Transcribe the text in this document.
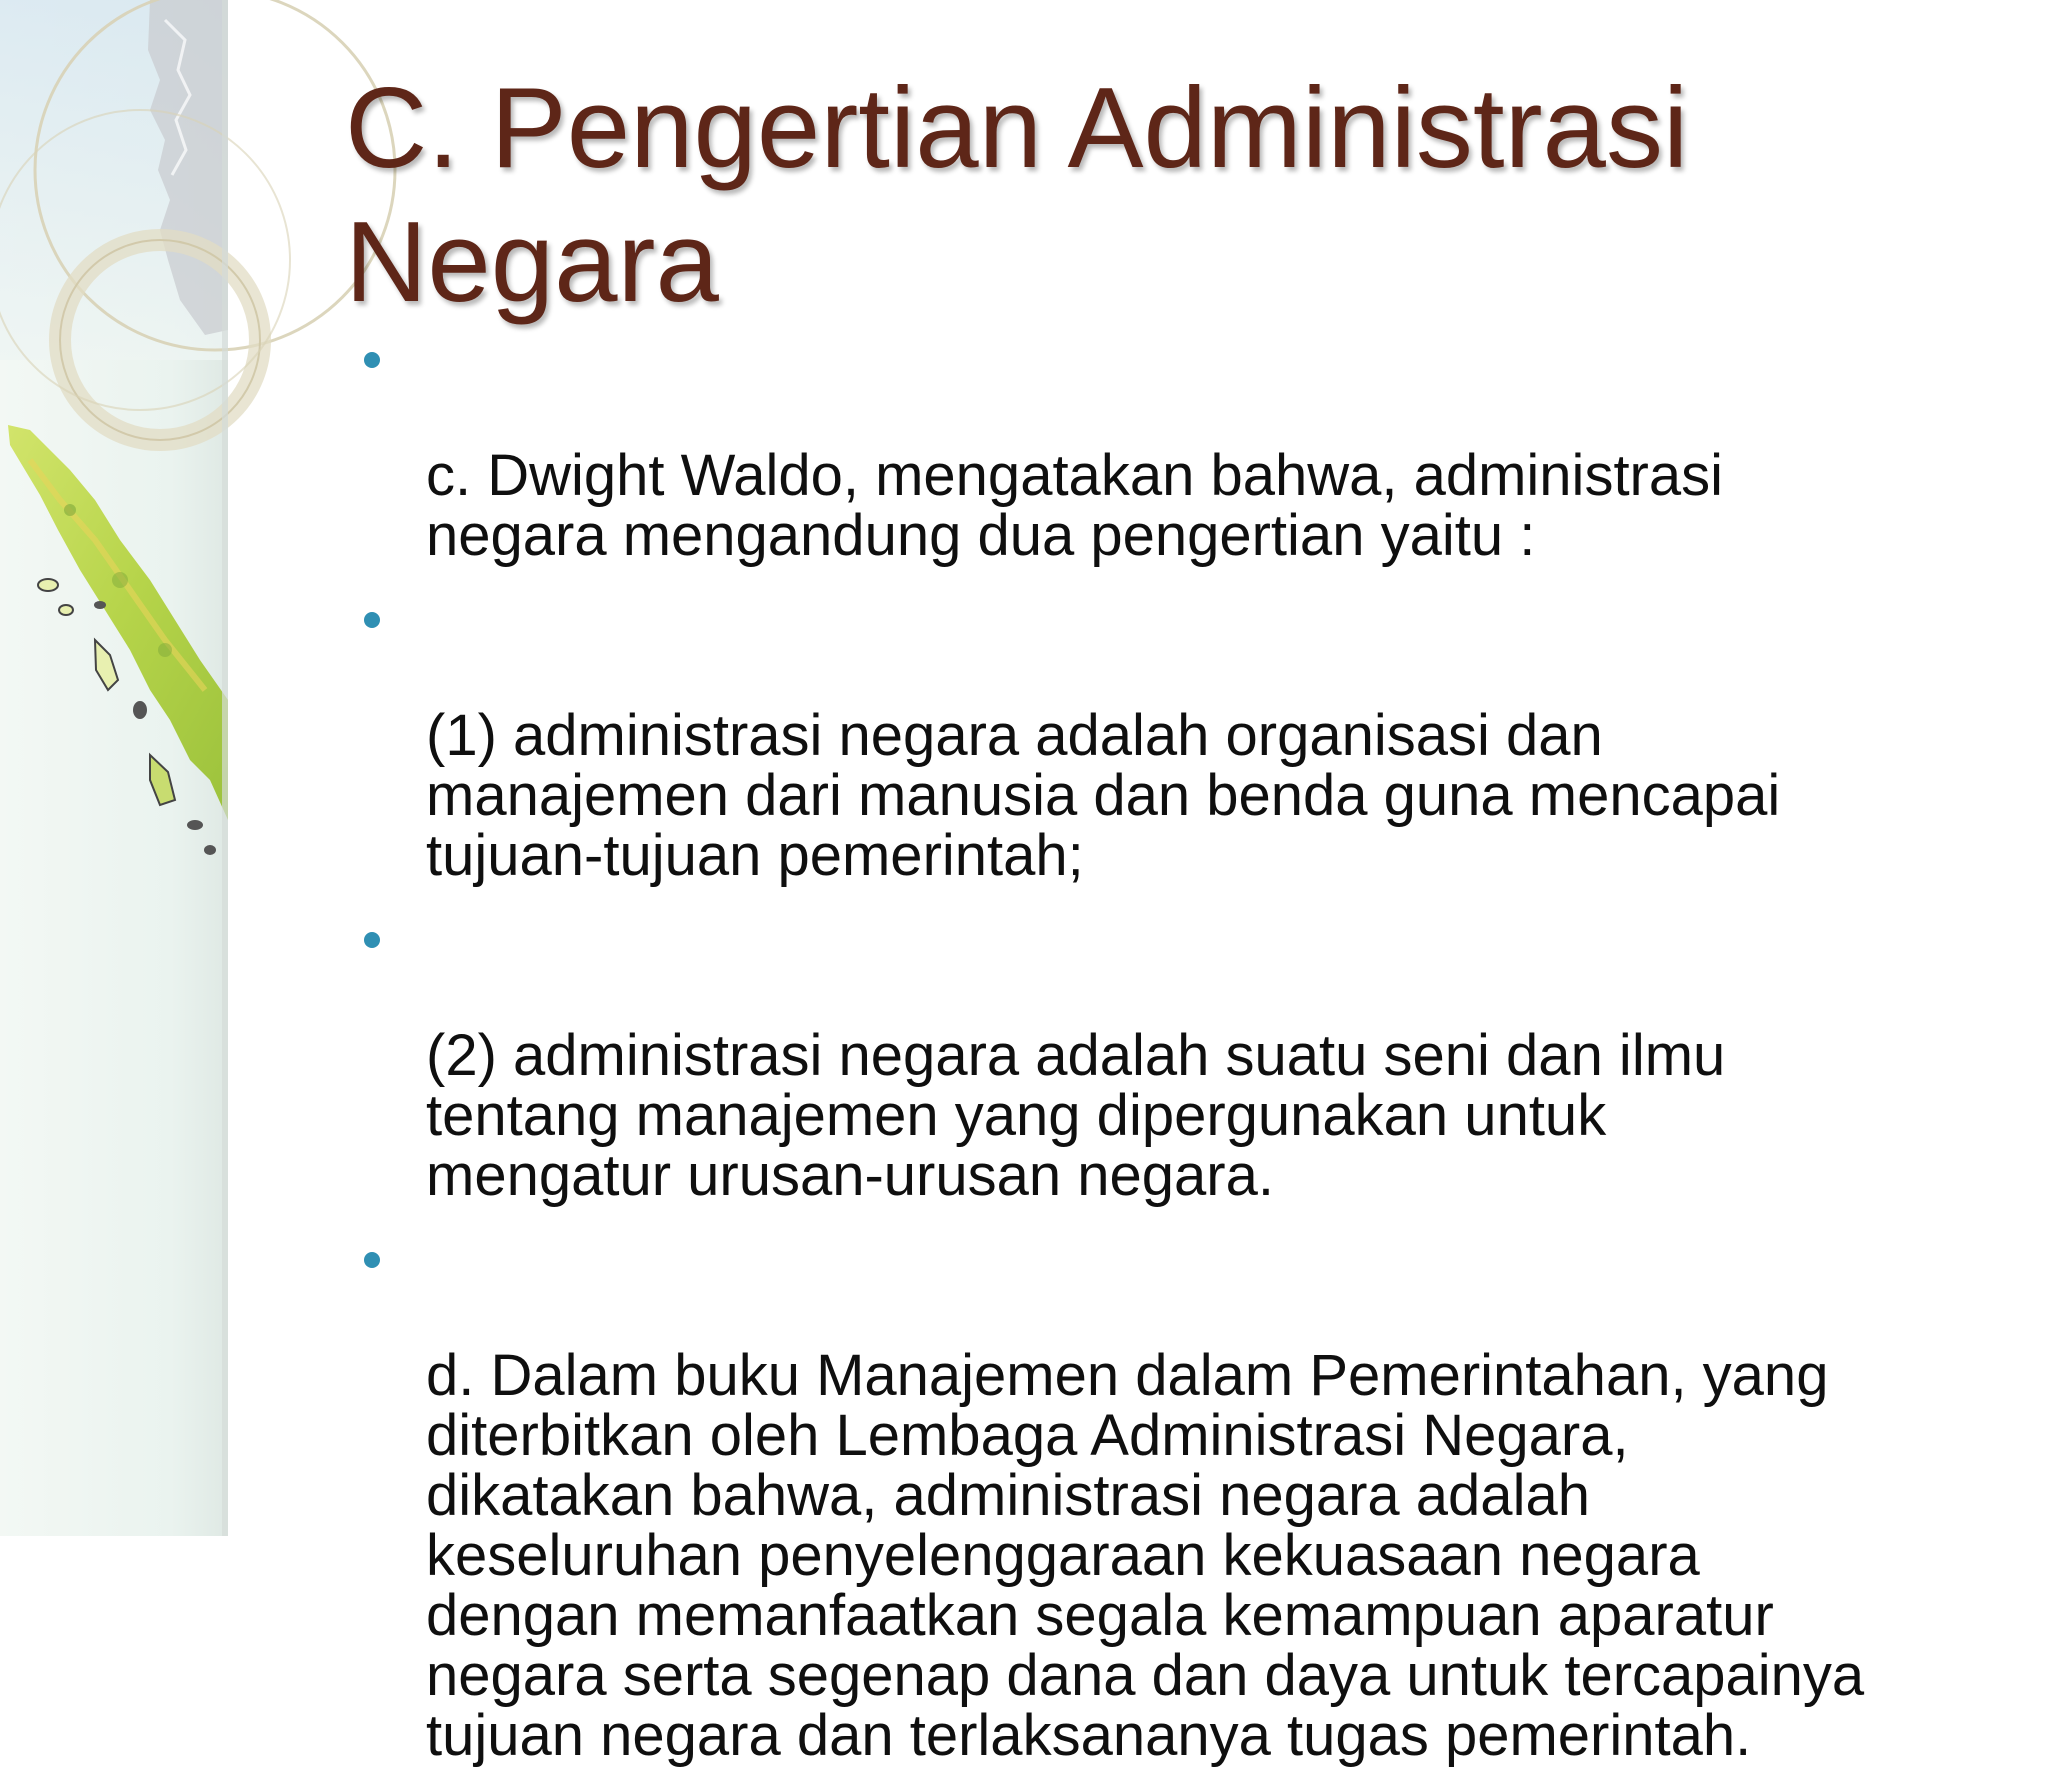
C. Pengertian Administrasi
Negara

c. Dwight Waldo, mengatakan bahwa, administrasi
negara mengandung dua pengertian yaitu :

(1) administrasi negara adalah organisasi dan
manajemen dari manusia dan benda guna mencapai
tujuan-tujuan pemerintah;

(2) administrasi negara adalah suatu seni dan ilmu
tentang manajemen yang dipergunakan untuk
mengatur urusan-urusan negara.

d. Dalam buku Manajemen dalam Pemerintahan, yang
diterbitkan oleh Lembaga Administrasi Negara,
dikatakan bahwa, administrasi negara adalah
keseluruhan penyelenggaraan kekuasaan negara
dengan memanfaatkan segala kemampuan aparatur
negara serta segenap dana dan daya untuk tercapainya
tujuan negara dan terlaksananya tugas pemerintah.
